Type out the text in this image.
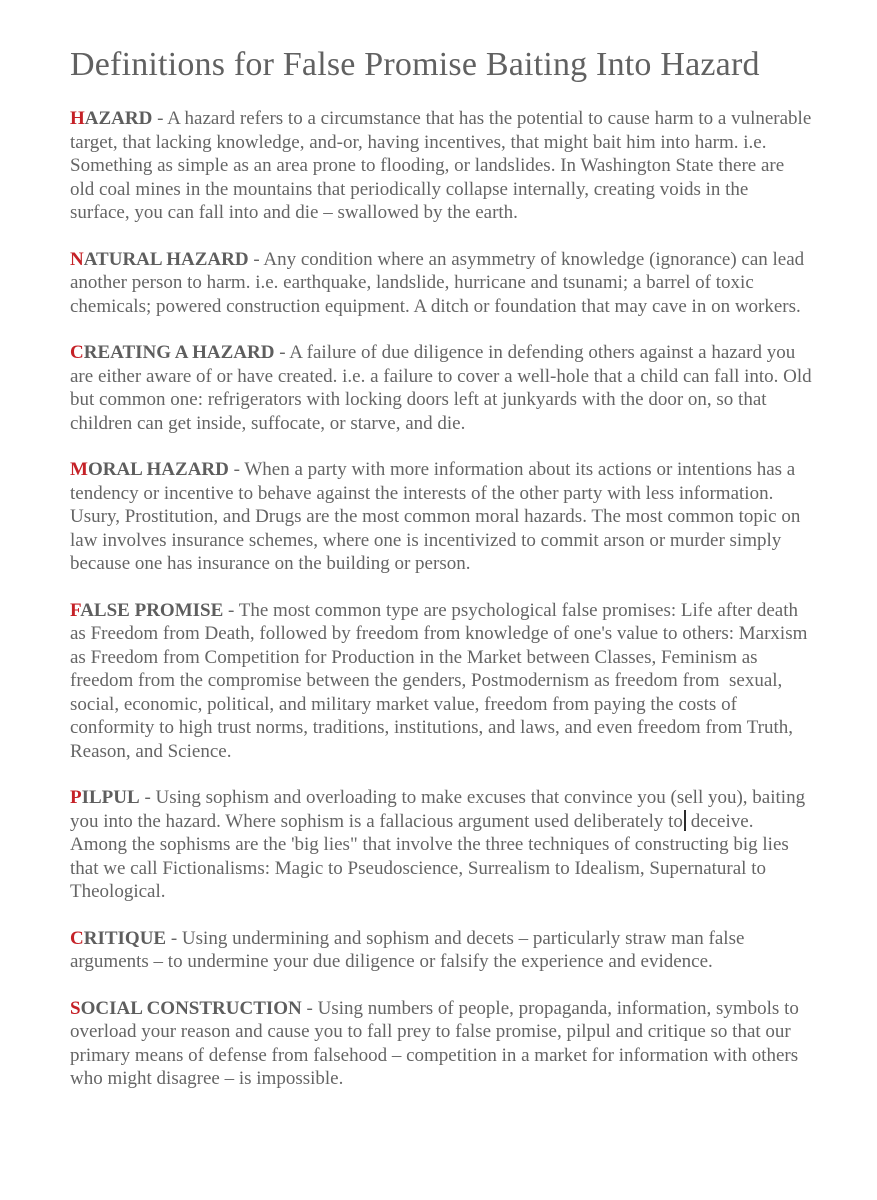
Definitions for False Promise Baiting Into Hazard

HAZARD - A hazard refers to a circumstance that has the potential to cause harm to a vulnerable target, that lacking knowledge, and-or, having incentives, that might bait him into harm. i.e. Something as simple as an area prone to flooding, or landslides. In Washington State there are old coal mines in the mountains that periodically collapse internally, creating voids in the surface, you can fall into and die – swallowed by the earth.

NATURAL HAZARD - Any condition where an asymmetry of knowledge (ignorance) can lead another person to harm. i.e. earthquake, landslide, hurricane and tsunami; a barrel of toxic chemicals; powered construction equipment. A ditch or foundation that may cave in on workers.

CREATING A HAZARD - A failure of due diligence in defending others against a hazard you are either aware of or have created. i.e. a failure to cover a well-hole that a child can fall into. Old but common one: refrigerators with locking doors left at junkyards with the door on, so that children can get inside, suffocate, or starve, and die.

MORAL HAZARD - When a party with more information about its actions or intentions has a tendency or incentive to behave against the interests of the other party with less information.  Usury, Prostitution, and Drugs are the most common moral hazards. The most common topic on law involves insurance schemes, where one is incentivized to commit arson or murder simply because one has insurance on the building or person.

FALSE PROMISE - The most common type are psychological false promises: Life after death as Freedom from Death, followed by freedom from knowledge of one's value to others: Marxism as Freedom from Competition for Production in the Market between Classes, Feminism as freedom from the compromise between the genders, Postmodernism as freedom from  sexual, social, economic, political, and military market value, freedom from paying the costs of conformity to high trust norms, traditions, institutions, and laws, and even freedom from Truth, Reason, and Science.

PILPUL - Using sophism and overloading to make excuses that convince you (sell you), baiting you into the hazard. Where sophism is a fallacious argument used deliberately to deceive. Among the sophisms are the 'big lies" that involve the three techniques of constructing big lies that we call Fictionalisms: Magic to Pseudoscience, Surrealism to Idealism, Supernatural to Theological.

CRITIQUE - Using undermining and sophism and decets – particularly straw man false arguments – to undermine your due diligence or falsify the experience and evidence.

SOCIAL CONSTRUCTION - Using numbers of people, propaganda, information, symbols to overload your reason and cause you to fall prey to false promise, pilpul and critique so that our primary means of defense from falsehood – competition in a market for information with others who might disagree – is impossible.
